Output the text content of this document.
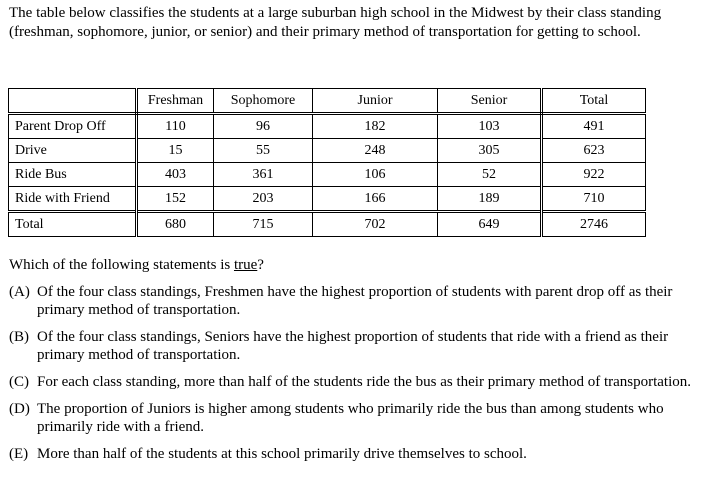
The table below classifies the students at a large suburban high school in the Midwest by their class standing (freshman, sophomore, junior, or senior) and their primary method of transportation for getting to school.

	Freshman	Sophomore	Junior	Senior	Total
Parent Drop Off	110	96	182	103	491
Drive	15	55	248	305	623
Ride Bus	403	361	106	52	922
Ride with Friend	152	203	166	189	710
Total	680	715	702	649	2746

Which of the following statements is true?

(A) Of the four class standings, Freshmen have the highest proportion of students with parent drop off as their primary method of transportation.
(B) Of the four class standings, Seniors have the highest proportion of students that ride with a friend as their primary method of transportation.
(C) For each class standing, more than half of the students ride the bus as their primary method of transportation.
(D) The proportion of Juniors is higher among students who primarily ride the bus than among students who primarily ride with a friend.
(E) More than half of the students at this school primarily drive themselves to school.
